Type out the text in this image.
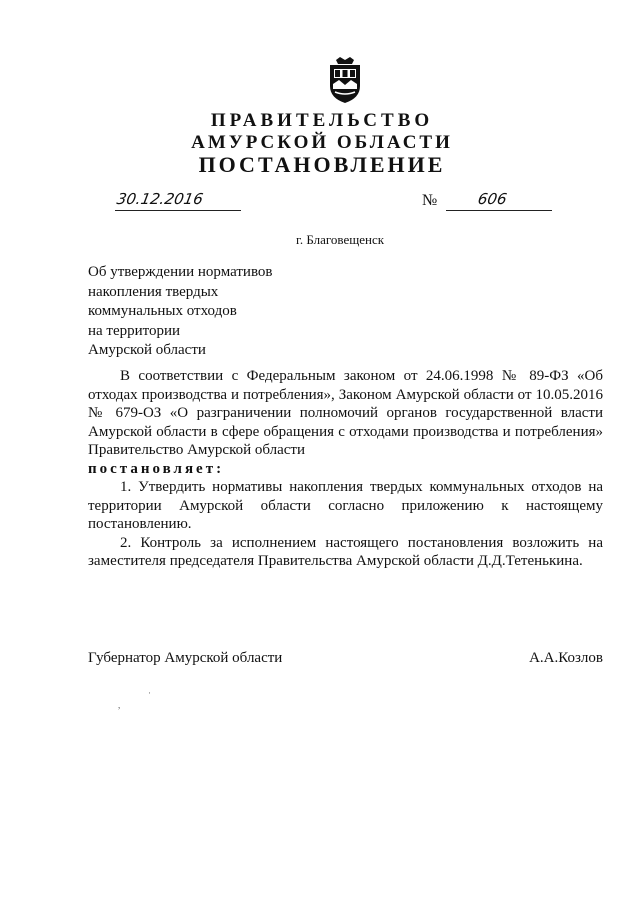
ПРАВИТЕЛЬСТВО
АМУРСКОЙ ОБЛАСТИ
ПОСТАНОВЛЕНИЕ
30.12.2016	№	606
г. Благовещенск
Об утверждении нормативов
накопления твердых
коммунальных отходов
на территории
Амурской области

В соответствии с Федеральным законом от 24.06.1998 № 89-ФЗ «Об отходах производства и потребления», Законом Амурской области от 10.05.2016 № 679-ОЗ «О разграничении полномочий органов государственной власти Амурской области в сфере обращения с отходами производства и потребления» Правительство Амурской области

постановляет:

1. Утвердить нормативы накопления твердых коммунальных отходов на территории Амурской области согласно приложению к настоящему постановлению.

2. Контроль за исполнением настоящего постановления возложить на заместителя председателя Правительства Амурской области Д.Д.Тетенькина.

Губернатор Амурской области	А.А.Козлов
,
·
